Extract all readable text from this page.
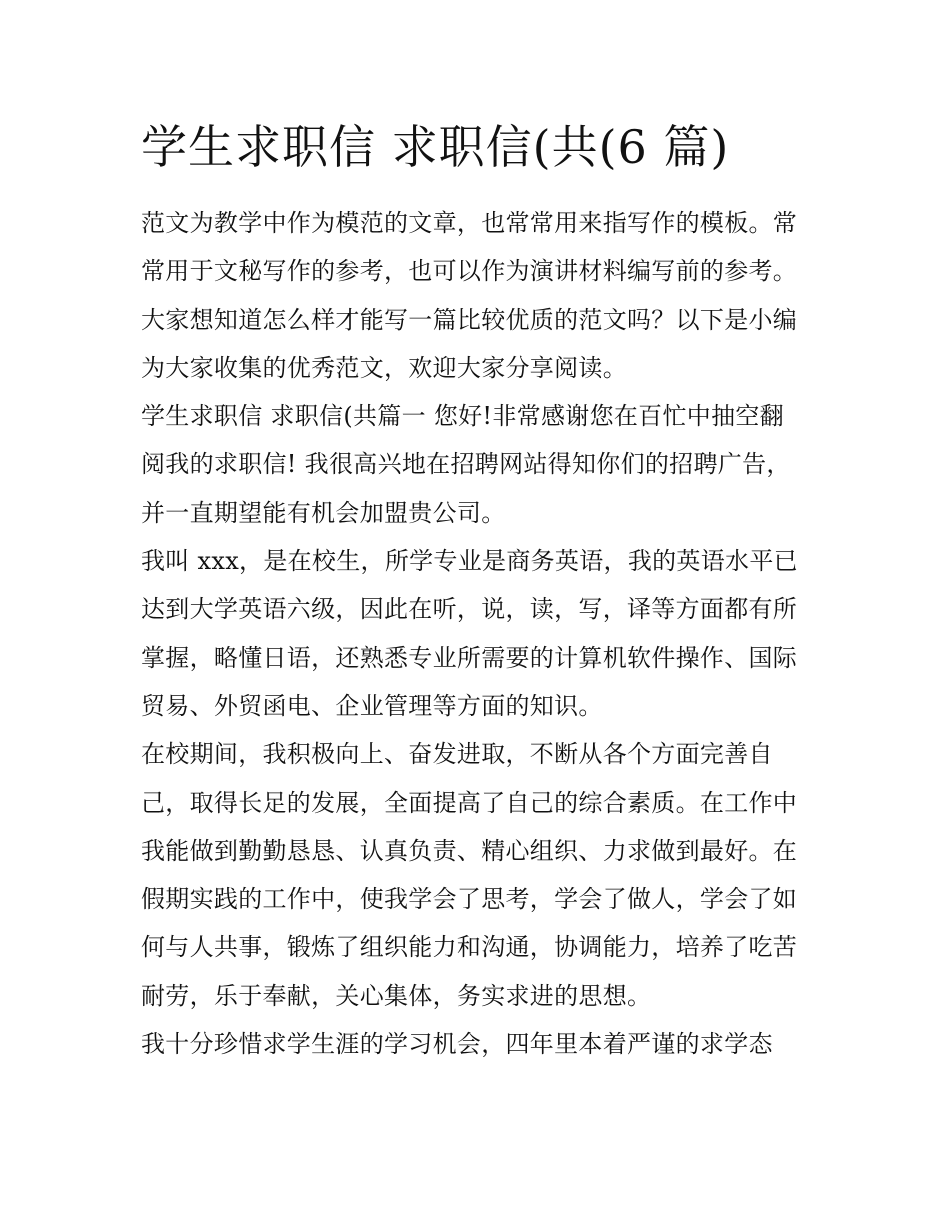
学生求职信 求职信(共(6 篇)
范文为教学中作为模范的文章，也常常用来指写作的模板。常
常用于文秘写作的参考，也可以作为演讲材料编写前的参考。
大家想知道怎么样才能写一篇比较优质的范文吗？以下是小编
为大家收集的优秀范文，欢迎大家分享阅读。
学生求职信 求职信(共篇一 您好!非常感谢您在百忙中抽空翻
阅我的求职信! 我很高兴地在招聘网站得知你们的招聘广告，
并一直期望能有机会加盟贵公司。
我叫 xxx，是在校生，所学专业是商务英语，我的英语水平已
达到大学英语六级，因此在听，说，读，写，译等方面都有所
掌握，略懂日语，还熟悉专业所需要的计算机软件操作、国际
贸易、外贸函电、企业管理等方面的知识。
在校期间，我积极向上、奋发进取，不断从各个方面完善自
己，取得长足的发展，全面提高了自己的综合素质。在工作中
我能做到勤勤恳恳、认真负责、精心组织、力求做到最好。在
假期实践的工作中，使我学会了思考，学会了做人，学会了如
何与人共事，锻炼了组织能力和沟通，协调能力，培养了吃苦
耐劳，乐于奉献，关心集体，务实求进的思想。
我十分珍惜求学生涯的学习机会，四年里本着严谨的求学态
